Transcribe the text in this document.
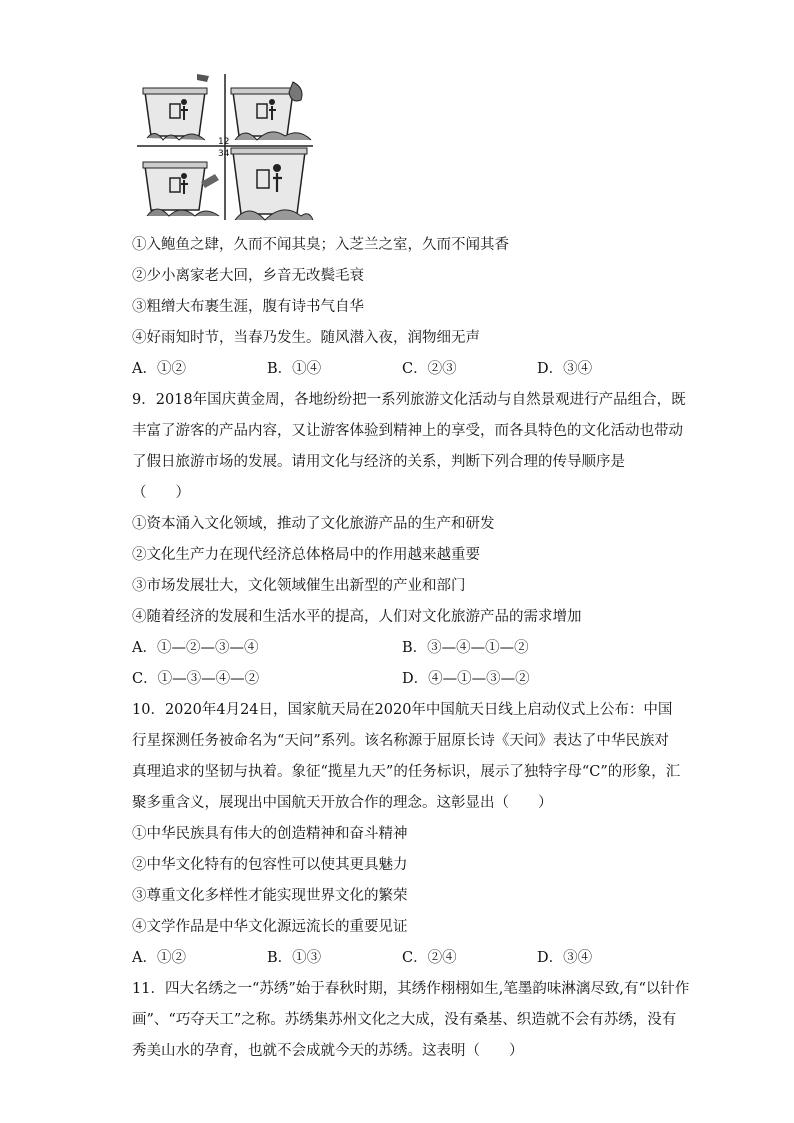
12
34
①入鲍鱼之肆，久而不闻其臭；入芝兰之室，久而不闻其香
②少小离家老大回，乡音无改鬓毛衰
③粗缯大布裹生涯，腹有诗书气自华
④好雨知时节，当春乃发生。随风潜入夜，润物细无声
A．①②	B．①④	C．②③	D．③④
9．2018年国庆黄金周，各地纷纷把一系列旅游文化活动与自然景观进行产品组合，既
丰富了游客的产品内容，又让游客体验到精神上的享受，而各具特色的文化活动也带动
了假日旅游市场的发展。请用文化与经济的关系，判断下列合理的传导顺序是
（　　）
①资本涌入文化领域，推动了文化旅游产品的生产和研发
②文化生产力在现代经济总体格局中的作用越来越重要
③市场发展壮大，文化领域催生出新型的产业和部门
④随着经济的发展和生活水平的提高，人们对文化旅游产品的需求增加
A．①—②—③—④	B．③—④—①—②
C．①—③—④—②	D．④—①—③—②
10．2020年4月24日，国家航天局在2020年中国航天日线上启动仪式上公布：中国
行星探测任务被命名为“天问”系列。该名称源于屈原长诗《天问》表达了中华民族对
真理追求的坚韧与执着。象征“揽星九天”的任务标识，展示了独特字母“C”的形象，汇
聚多重含义，展现出中国航天开放合作的理念。这彰显出（　　）
①中华民族具有伟大的创造精神和奋斗精神
②中华文化特有的包容性可以使其更具魅力
③尊重文化多样性才能实现世界文化的繁荣
④文学作品是中华文化源远流长的重要见证
A．①②	B．①③	C．②④	D．③④
11．四大名绣之一“苏绣”始于春秋时期，其绣作栩栩如生,笔墨韵味淋漓尽致,有“以针作
画”、“巧夺天工”之称。苏绣集苏州文化之大成，没有桑基、织造就不会有苏绣，没有
秀美山水的孕育，也就不会成就今天的苏绣。这表明（　　）
